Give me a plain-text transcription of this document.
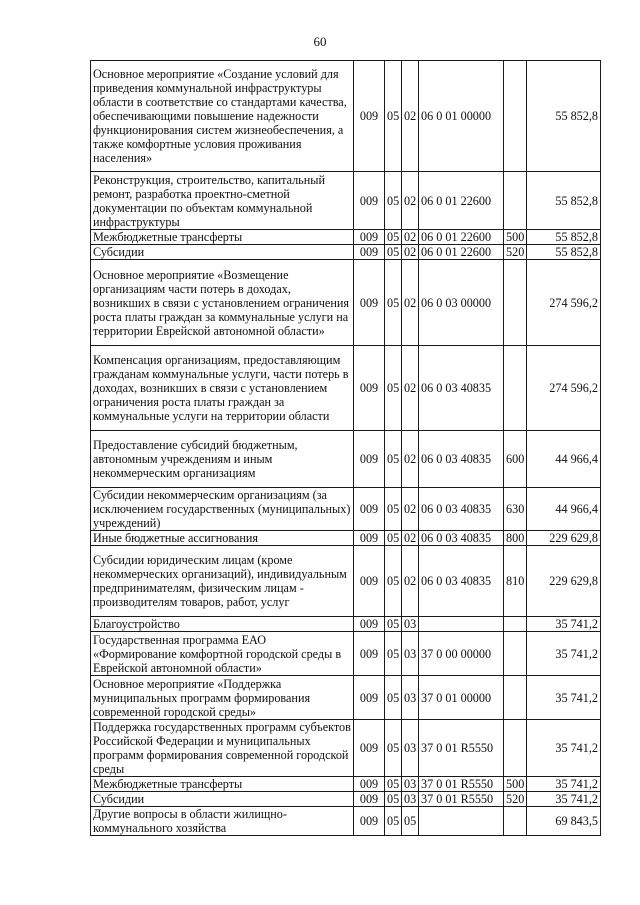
60
Основное мероприятие «Создание условий для приведения коммунальной инфраструктуры области в соответствие со стандартами качества, обеспечивающими повышение надежности функционирования систем жизнеобеспечения, а также комфортные условия проживания населения»	009	05	02	06 0 01 00000		55 852,8
Реконструкция, строительство, капитальный ремонт, разработка проектно-сметной документации по объектам коммунальной инфраструктуры	009	05	02	06 0 01 22600		55 852,8
Межбюджетные трансферты	009	05	02	06 0 01 22600	500	55 852,8
Субсидии	009	05	02	06 0 01 22600	520	55 852,8
Основное мероприятие «Возмещение организациям части потерь в доходах, возникших в связи с установлением ограничения роста платы граждан за коммунальные услуги на территории Еврейской автономной области»	009	05	02	06 0 03 00000		274 596,2
Компенсация организациям, предоставляющим гражданам коммунальные услуги, части потерь в доходах, возникших в связи с установлением ограничения роста платы граждан за коммунальные услуги на территории области	009	05	02	06 0 03 40835		274 596,2
Предоставление субсидий бюджетным, автономным учреждениям и иным некоммерческим организациям	009	05	02	06 0 03 40835	600	44 966,4
Субсидии некоммерческим организациям (за исключением государственных (муниципальных) учреждений)	009	05	02	06 0 03 40835	630	44 966,4
Иные бюджетные ассигнования	009	05	02	06 0 03 40835	800	229 629,8
Субсидии юридическим лицам (кроме некоммерческих организаций), индивидуальным предпринимателям, физическим лицам - производителям товаров, работ, услуг	009	05	02	06 0 03 40835	810	229 629,8
Благоустройство	009	05	03			35 741,2
Государственная программа ЕАО «Формирование комфортной городской среды в Еврейской автономной области»	009	05	03	37 0 00 00000		35 741,2
Основное мероприятие «Поддержка муниципальных программ формирования современной городской среды»	009	05	03	37 0 01 00000		35 741,2
Поддержка государственных программ субъектов Российской Федерации и муниципальных программ формирования современной городской среды	009	05	03	37 0 01 R5550		35 741,2
Межбюджетные трансферты	009	05	03	37 0 01 R5550	500	35 741,2
Субсидии	009	05	03	37 0 01 R5550	520	35 741,2
Другие вопросы в области жилищно-коммунального хозяйства	009	05	05			69 843,5
